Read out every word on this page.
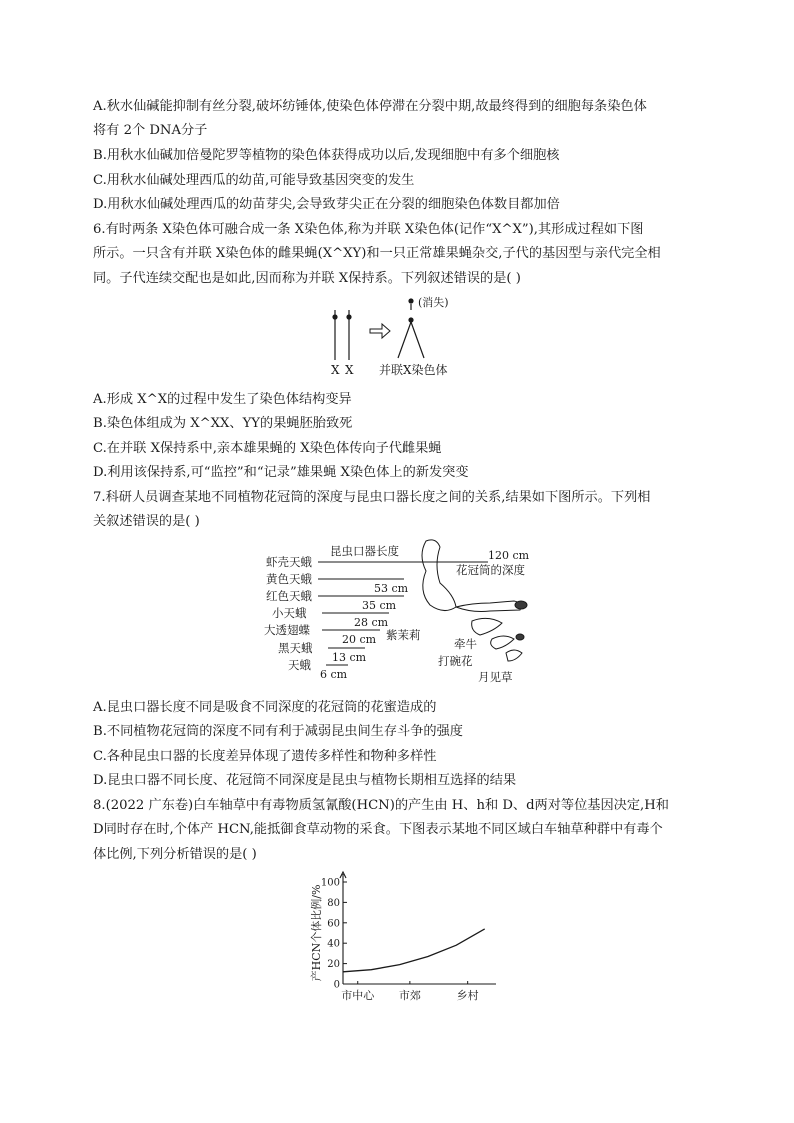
A.秋水仙碱能抑制有丝分裂,破坏纺锤体,使染色体停滞在分裂中期,故最终得到的细胞每条染色体
将有 2个 DNA分子
B.用秋水仙碱加倍曼陀罗等植物的染色体获得成功以后,发现细胞中有多个细胞核
C.用秋水仙碱处理西瓜的幼苗,可能导致基因突变的发生
D.用秋水仙碱处理西瓜的幼苗芽尖,会导致芽尖正在分裂的细胞染色体数目都加倍
6.有时两条 X染色体可融合成一条 X染色体,称为并联 X染色体(记作“X^X”),其形成过程如下图
所示。一只含有并联 X染色体的雌果蝇(X^XY)和一只正常雄果蝇杂交,子代的基因型与亲代完全相
同。子代连续交配也是如此,因而称为并联 X保持系。下列叙述错误的是( )
X X
(消失)
并联X染色体
A.形成 X^X的过程中发生了染色体结构变异
B.染色体组成为 X^XX、YY的果蝇胚胎致死
C.在并联 X保持系中,亲本雄果蝇的 X染色体传向子代雌果蝇
D.利用该保持系,可“监控”和“记录”雄果蝇 X染色体上的新发突变
7.科研人员调查某地不同植物花冠筒的深度与昆虫口器长度之间的关系,结果如下图所示。下列相
关叙述错误的是( )
昆虫口器长度
花冠筒的深度
虾壳天蛾
黄色天蛾
红色天蛾
小天蛾
大透翅蝶
黑天蛾
天蛾
120 cm
53 cm
35 cm
28 cm
20 cm
13 cm
6 cm
紫茉莉
牵牛
打碗花
月见草
A.昆虫口器长度不同是吸食不同深度的花冠筒的花蜜造成的
B.不同植物花冠筒的深度不同有利于减弱昆虫间生存斗争的强度
C.各种昆虫口器的长度差异体现了遗传多样性和物种多样性
D.昆虫口器不同长度、花冠筒不同深度是昆虫与植物长期相互选择的结果
8.(2022 广东卷)白车轴草中有毒物质氢氰酸(HCN)的产生由 H、h和 D、d两对等位基因决定,H和
D同时存在时,个体产 HCN,能抵御食草动物的采食。下图表示某地不同区域白车轴草种群中有毒个
体比例,下列分析错误的是( )
0
20
40
60
80
100
市中心 市郊	乡村
产HCN个体比例/%
